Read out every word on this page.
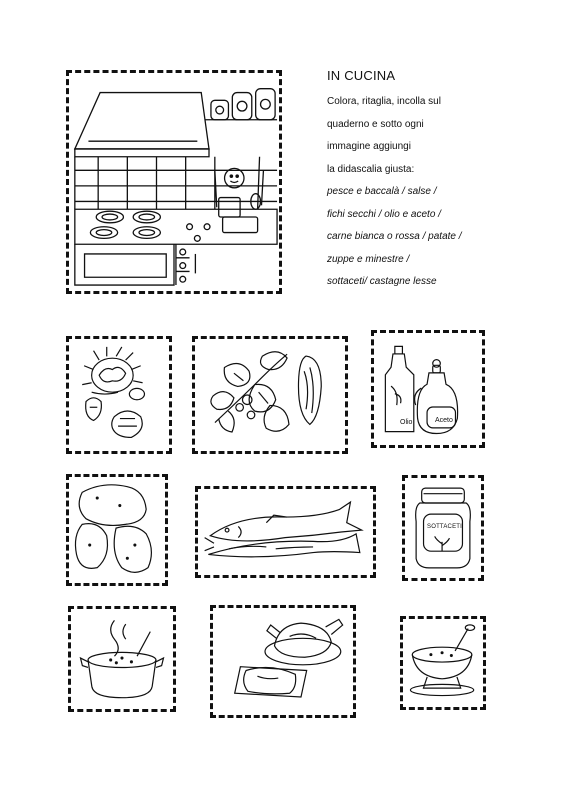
IN CUCINA

Colora, ritaglia, incolla sul

quaderno e sotto ogni

immagine aggiungi

la didascalia giusta:

pesce e baccalà / salse /

fichi secchi / olio e aceto /

carne bianca o rossa / patate /

zuppe e minestre /

sottaceti/ castagne lesse

Olio	Aceto
SOTTACETI
